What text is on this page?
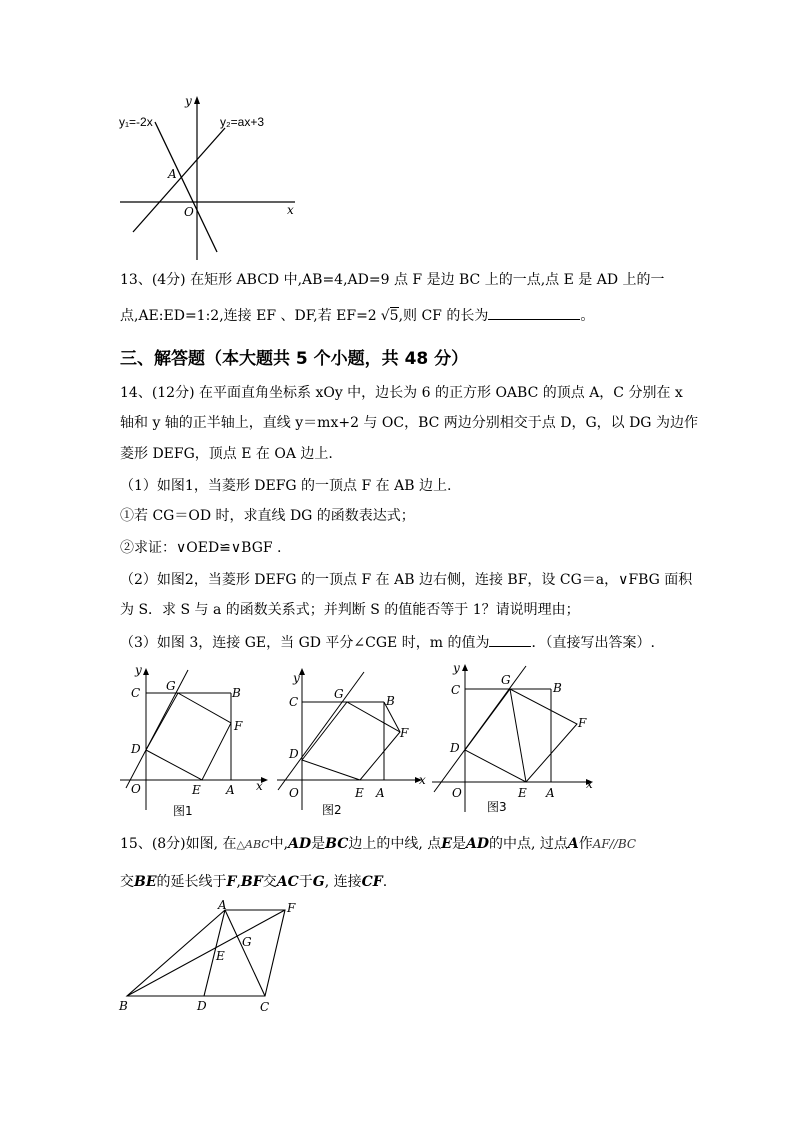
y
x
O
A
y₁=-2x	y₂=ax+3
13、(4分) 在矩形 ABCD 中,AB=4,AD=9 点 F 是边 BC 上的一点,点 E 是 AD 上的一
点,AE:ED=1:2,连接 EF 、DF,若 EF=2 √5,则 CF 的长为	。
三、解答题（本大题共 5 个小题，共 48 分）
14、(12分) 在平面直角坐标系 xOy 中，边长为 6 的正方形 OABC 的顶点 A，C 分别在 x
轴和 y 轴的正半轴上，直线 y＝mx+2 与 OC，BC 两边分别相交于点 D，G，以 DG 为边作
菱形 DEFG，顶点 E 在 OA 边上.
（1）如图1，当菱形 DEFG 的一顶点 F 在 AB 边上.
①若 CG＝OD 时，求直线 DG 的函数表达式；
②求证：∨OED≌∨BGF .
（2）如图2，当菱形 DEFG 的一顶点 F 在 AB 边右侧，连接 BF，设 CG＝a，∨FBG 面积
为 S．求 S 与 a 的函数关系式；并判断 S 的值能否等于 1？请说明理由；
（3）如图 3，连接 GE，当 GD 平分∠CGE 时，m 的值为	．（直接写出答案）.
y
x
C G	B
F
D
O	E A
图1
y
x
C
G	B
F
D
O	E A
图2
y
x
C
G
B
F
D
O	E A
图3
15、(8分)如图, 在△ABC中,AD是BC边上的中线, 点E是AD的中点, 过点A作AF//BC
交BE的延长线于F,BF交AC于G, 连接CF.
A	F
G
E
B	D	C
